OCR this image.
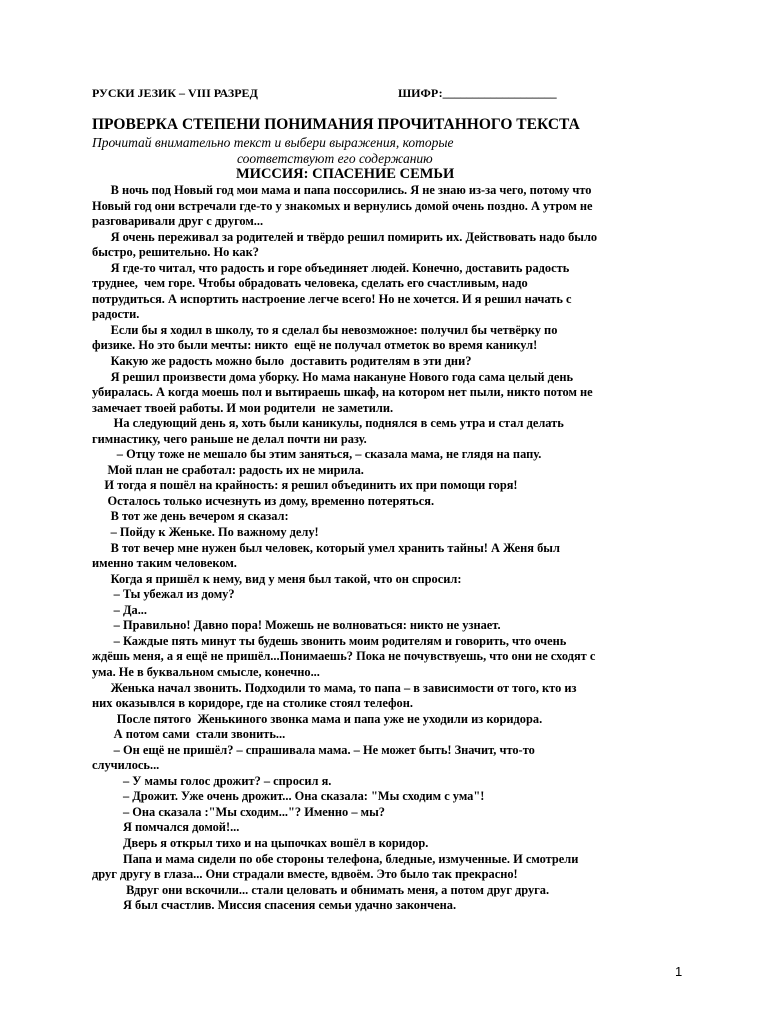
РУСКИ ЈЕЗИК – VIII РАЗРЕД	ШИФР:___________________
ПРОВЕРКА СТЕПЕНИ ПОНИМАНИЯ ПРОЧИТАННОГО ТЕКСТА
Прочитай внимательно текст и выбери выражения, которые
соответствуют его содержанию
МИССИЯ: СПАСЕНИЕ СЕМЬИ
В ночь под Новый год мои мама и папа поссорились. Я не знаю из-за чего, потому что
Новый год они встречали где-то у знакомых и вернулись домой очень поздно. А утром не
разговаривали друг с другом...
Я очень переживал за родителей и твёрдо решил помирить их. Действовать надо было
быстро, решительно. Но как?
Я где-то читал, что радость и горе объединяет людей. Конечно, доставить радость
труднее,  чем горе. Чтобы обрадовать человека, сделать его счастливым, надо
потрудиться. А испортить настроение легче всего! Но не хочется. И я решил начать с
радости.
Если бы я ходил в школу, то я сделал бы невозможное: получил бы четвёрку по
физике. Но это были мечты: никто  ещё не получал отметок во время каникул!
Какую же радость можно было  доставить родителям в эти дни?
Я решил произвести дома уборку. Но мама накануне Нового года сама целый день
убиралась. А когда моешь пол и вытираешь шкаф, на котором нет пыли, никто потом не
замечает твоей работы. И мои родители  не заметили.
На следующий день я, хоть были каникулы, поднялся в семь утра и стал делать
гимнастику, чего раньше не делал почти ни разу.
– Отцу тоже не мешало бы этим заняться, – сказала мама, не глядя на папу.
Мой план не сработал: радость их не мирила.
И тогда я пошёл на крайность: я решил объединить их при помощи горя!
Осталось только исчезнуть из дому, временно потеряться.
В тот же день вечером я сказал:
– Пойду к Женьке. По важному делу!
В тот вечер мне нужен был человек, который умел хранить тайны! А Женя был
именно таким человеком.
Когда я пришёл к нему, вид у меня был такой, что он спросил:
– Ты убежал из дому?
– Да...
– Правильно! Давно пора! Можешь не волноваться: никто не узнает.
– Каждые пять минут ты будешь звонить моим родителям и говорить, что очень
ждёшь меня, а я ещё не пришёл...Понимаешь? Пока не почувствуешь, что они не сходят с
ума. Не в буквальном смысле, конечно...
Женька начал звонить. Подходили то мама, то папа – в зависимости от того, кто из
них оказывлся в коридоре, где на столике стоял телефон.
После пятого  Женькиного звонка мама и папа уже не уходили из коридора.
А потом сами  стали звонить...
– Он ещё не пришёл? – спрашивала мама. – Не может быть! Значит, что-то
случилось...
– У мамы голос дрожит? – спросил я.
– Дрожит. Уже очень дрожит... Она сказала: "Мы сходим с ума"!
– Она сказала :"Мы сходим..."? Именно – мы?
Я помчался домой!...
Дверь я открыл тихо и на цыпочках вошёл в коридор.
Папа и мама сидели по обе стороны телефона, бледные, измученные. И смотрели
друг другу в глаза... Они страдали вместе, вдвоём. Это было так прекрасно!
Вдруг они вскочили... стали целовать и обнимать меня, а потом друг друга.
Я был счастлив. Миссия спасения семьи удачно закончена.
1
